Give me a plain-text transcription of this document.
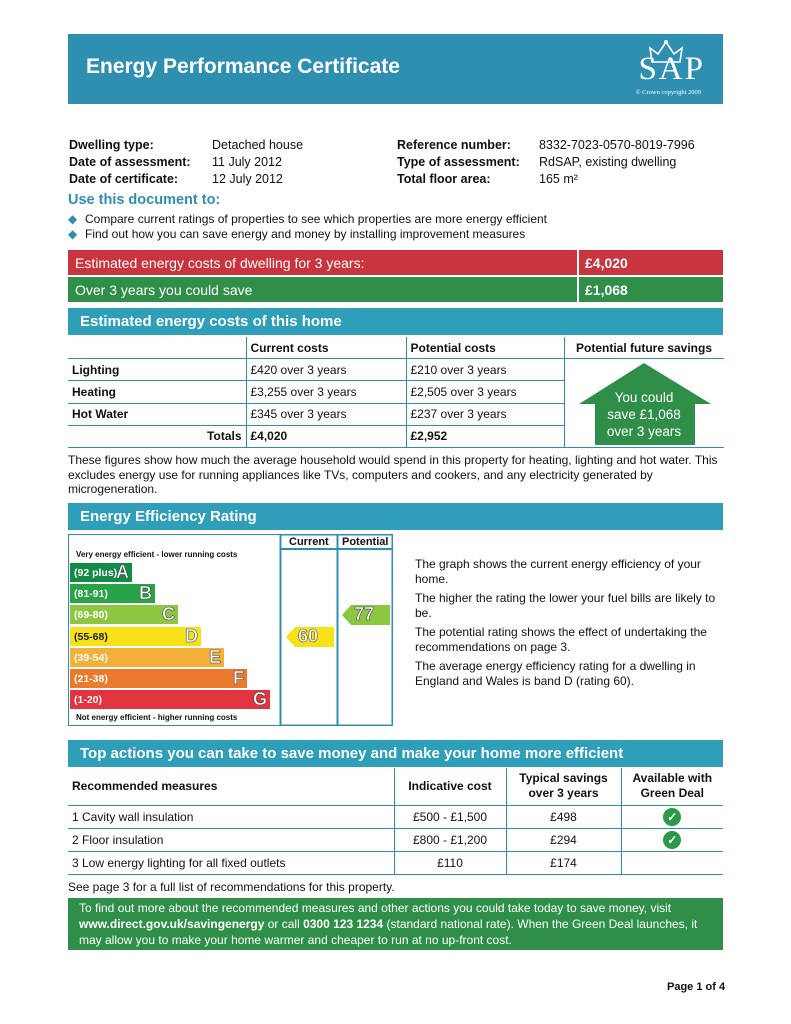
Energy Performance Certificate	SAP
© Crown copyright 2009
Dwelling type:	Detached house
Date of assessment: 11 July 2012
Date of certificate:	12 July 2012
Reference number: 8332-7023-0570-8019-7996
Type of assessment: RdSAP, existing dwelling
Total floor area:	165 m²
Use this document to:
◆ Compare current ratings of properties to see which properties are more energy efficient
◆ Find out how you can save energy and money by installing improvement measures
Estimated energy costs of dwelling for 3 years:	£4,020
Over 3 years you could save	£1,068
Estimated energy costs of this home
	Current costs	Potential costs	Potential future savings
Lighting	£420 over 3 years	£210 over 3 years	You could
save £1,068
over 3 years

Heating	£3,255 over 3 years	£2,505 over 3 years	
Hot Water	£345 over 3 years	£237 over 3 years	
Totals	£4,020	£2,952	
These figures show how much the average household would spend in this property for heating, lighting and hot water. This excludes energy use for running appliances like TVs, computers and cookers, and any electricity generated by microgeneration.
Energy Efficiency Rating
Current Potential
Very energy efficient - lower running costs
Not energy efficient - higher running costs
(92 plus)
A
(81-91) B
(69-80)	C
(55-68)	D
(39-54)	E
(21-38)	F
(1-20)	G
60
77
The graph shows the current energy efficiency of your home.
The higher the rating the lower your fuel bills are likely to be.
The potential rating shows the effect of undertaking the recommendations on page 3.
The average energy efficiency rating for a dwelling in England and Wales is band D (rating 60).
Top actions you can take to save money and make your home more efficient
Recommended measures	Indicative cost	Typical savings over 3 years	Available with Green Deal
1 Cavity wall insulation	£500 - £1,500	£498	✓
2 Floor insulation	£800 - £1,200	£294	✓
3 Low energy lighting for all fixed outlets	£110	£174	
See page 3 for a full list of recommendations for this property.
To find out more about the recommended measures and other actions you could take today to save money, visit www.direct.gov.uk/savingenergy or call 0300 123 1234 (standard national rate). When the Green Deal launches, it may allow you to make your home warmer and cheaper to run at no up-front cost.
Page 1 of 4
